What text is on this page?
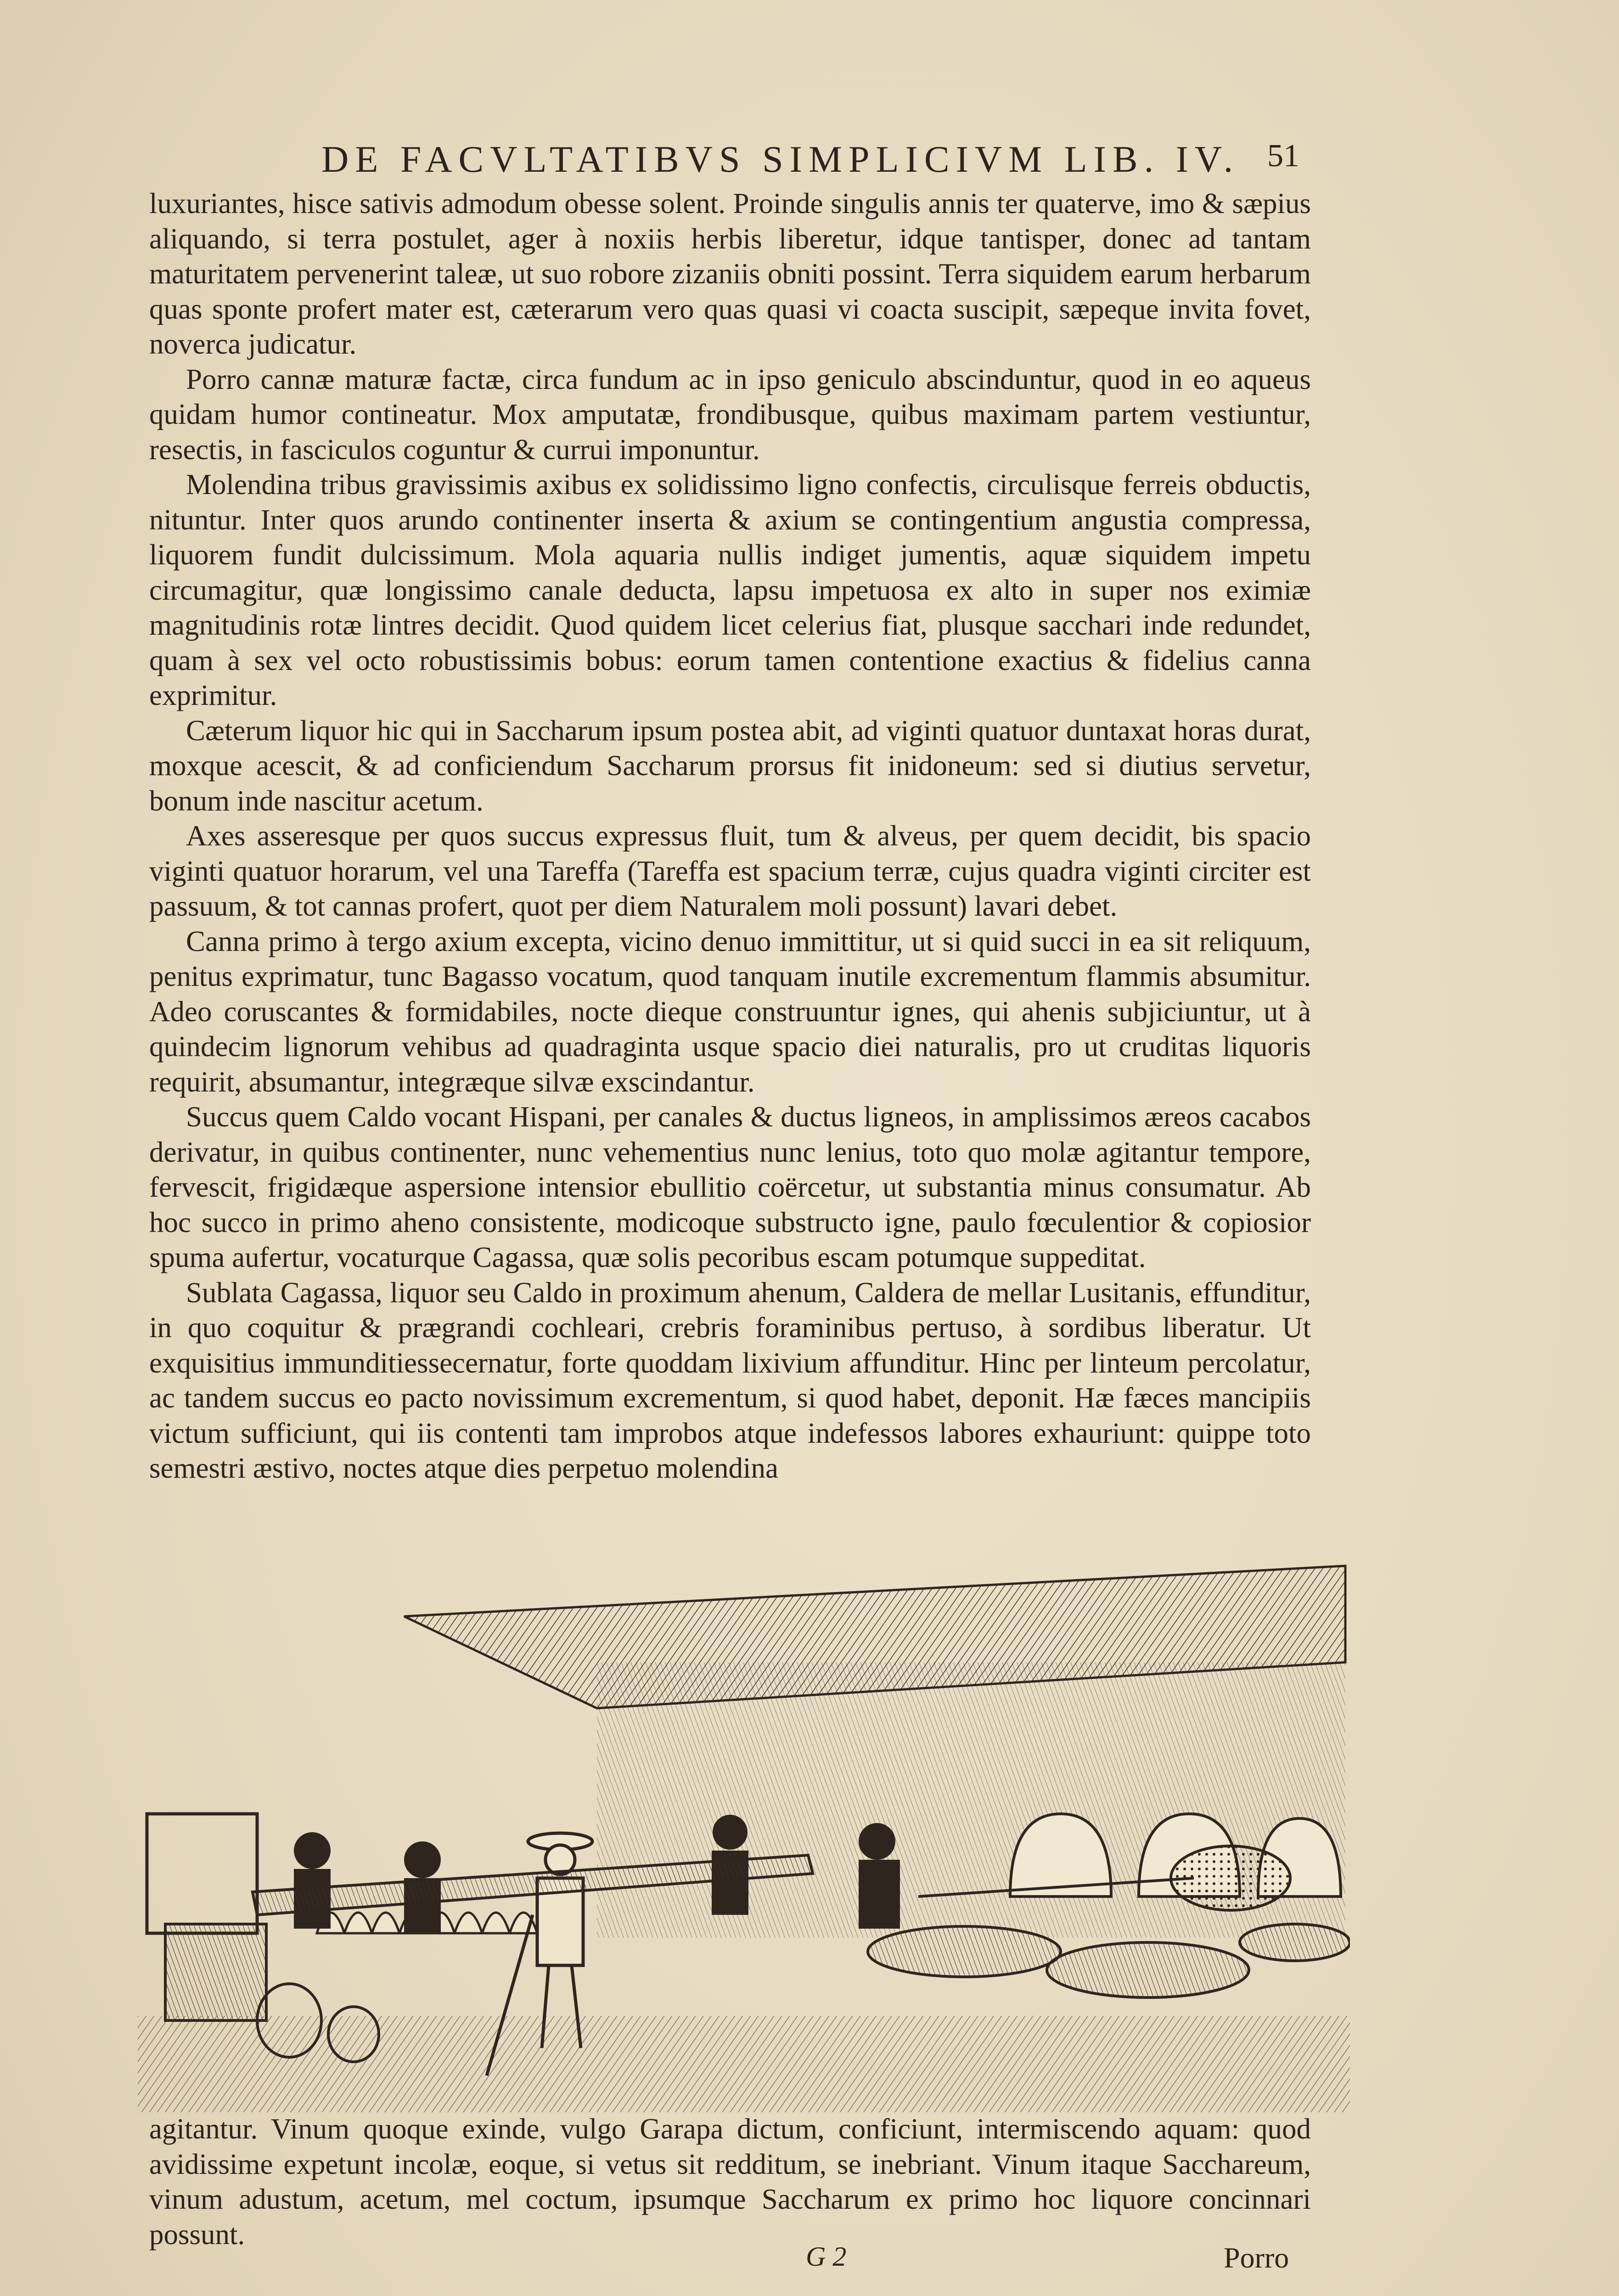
DE FACVLTATIBVS SIMPLICIVM LIB. IV. 51

luxuriantes, hisce sativis admodum obesse solent. Proinde singulis annis ter quaterve, imo & sæpius aliquando, si terra postulet, ager à noxiis herbis liberetur, idque tantisper, donec ad tantam maturitatem pervenerint taleæ, ut suo robore zizaniis obniti possint. Terra siquidem earum herbarum quas sponte profert mater est, cæterarum vero quas quasi vi coacta suscipit, sæpeque invita fovet, noverca judicatur.

Porro cannæ maturæ factæ, circa fundum ac in ipso geniculo abscinduntur, quod in eo aqueus quidam humor contineatur. Mox amputatæ, frondibusque, quibus maximam partem vestiuntur, resectis, in fasciculos coguntur & currui imponuntur.

Molendina tribus gravissimis axibus ex solidissimo ligno confectis, circulisque ferreis obductis, nituntur. Inter quos arundo continenter inserta & axium se contingentium angustia compressa, liquorem fundit dulcissimum. Mola aquaria nullis indiget jumentis, aquæ siquidem impetu circumagitur, quæ longissimo canale deducta, lapsu impetuosa ex alto in super nos eximiæ magnitudinis rotæ lintres decidit. Quod quidem licet celerius fiat, plusque sacchari inde redundet, quam à sex vel octo robustissimis bobus: eorum tamen contentione exactius & fidelius canna exprimitur.

Cæterum liquor hic qui in Saccharum ipsum postea abit, ad viginti quatuor duntaxat horas durat, moxque acescit, & ad conficiendum Saccharum prorsus fit inidoneum: sed si diutius servetur, bonum inde nascitur acetum.

Axes asseresque per quos succus expressus fluit, tum & alveus, per quem decidit, bis spacio viginti quatuor horarum, vel una Tareffa (Tareffa est spacium terræ, cujus quadra viginti circiter est passuum, & tot cannas profert, quot per diem Naturalem moli possunt) lavari debet.

Canna primo à tergo axium excepta, vicino denuo immittitur, ut si quid succi in ea sit reliquum, penitus exprimatur, tunc Bagasso vocatum, quod tanquam inutile excrementum flammis absumitur. Adeo coruscantes & formidabiles, nocte dieque construuntur ignes, qui ahenis subjiciuntur, ut à quindecim lignorum vehibus ad quadraginta usque spacio diei naturalis, pro ut cruditas liquoris requirit, absumantur, integræque silvæ exscindantur.

Succus quem Caldo vocant Hispani, per canales & ductus ligneos, in amplissimos æreos cacabos derivatur, in quibus continenter, nunc vehementius nunc lenius, toto quo molæ agitantur tempore, fervescit, frigidæque aspersione intensior ebullitio coërcetur, ut substantia minus consumatur. Ab hoc succo in primo aheno consistente, modicoque substructo igne, paulo fœculentior & copiosior spuma aufertur, vocaturque Cagassa, quæ solis pecoribus escam potumque suppeditat.

Sublata Cagassa, liquor seu Caldo in proximum ahenum, Caldera de mellar Lusitanis, effunditur, in quo coquitur & prægrandi cochleari, crebris foraminibus pertuso, à sordibus liberatur. Ut exquisitius immunditiessecernatur, forte quoddam lixivium affunditur. Hinc per linteum percolatur, ac tandem succus eo pacto novissimum excrementum, si quod habet, deponit. Hæ fæces mancipiis victum sufficiunt, qui iis contenti tam improbos atque indefessos labores exhauriunt: quippe toto semestri æstivo, noctes atque dies perpetuo molendina

agitantur. Vinum quoque exinde, vulgo Garapa dictum, conficiunt, intermiscendo aquam: quod avidissime expetunt incolæ, eoque, si vetus sit redditum, se inebriant. Vinum itaque Sacchareum, vinum adustum, acetum, mel coctum, ipsumque Saccharum ex primo hoc liquore concinnari possunt.

G 2	Porro
